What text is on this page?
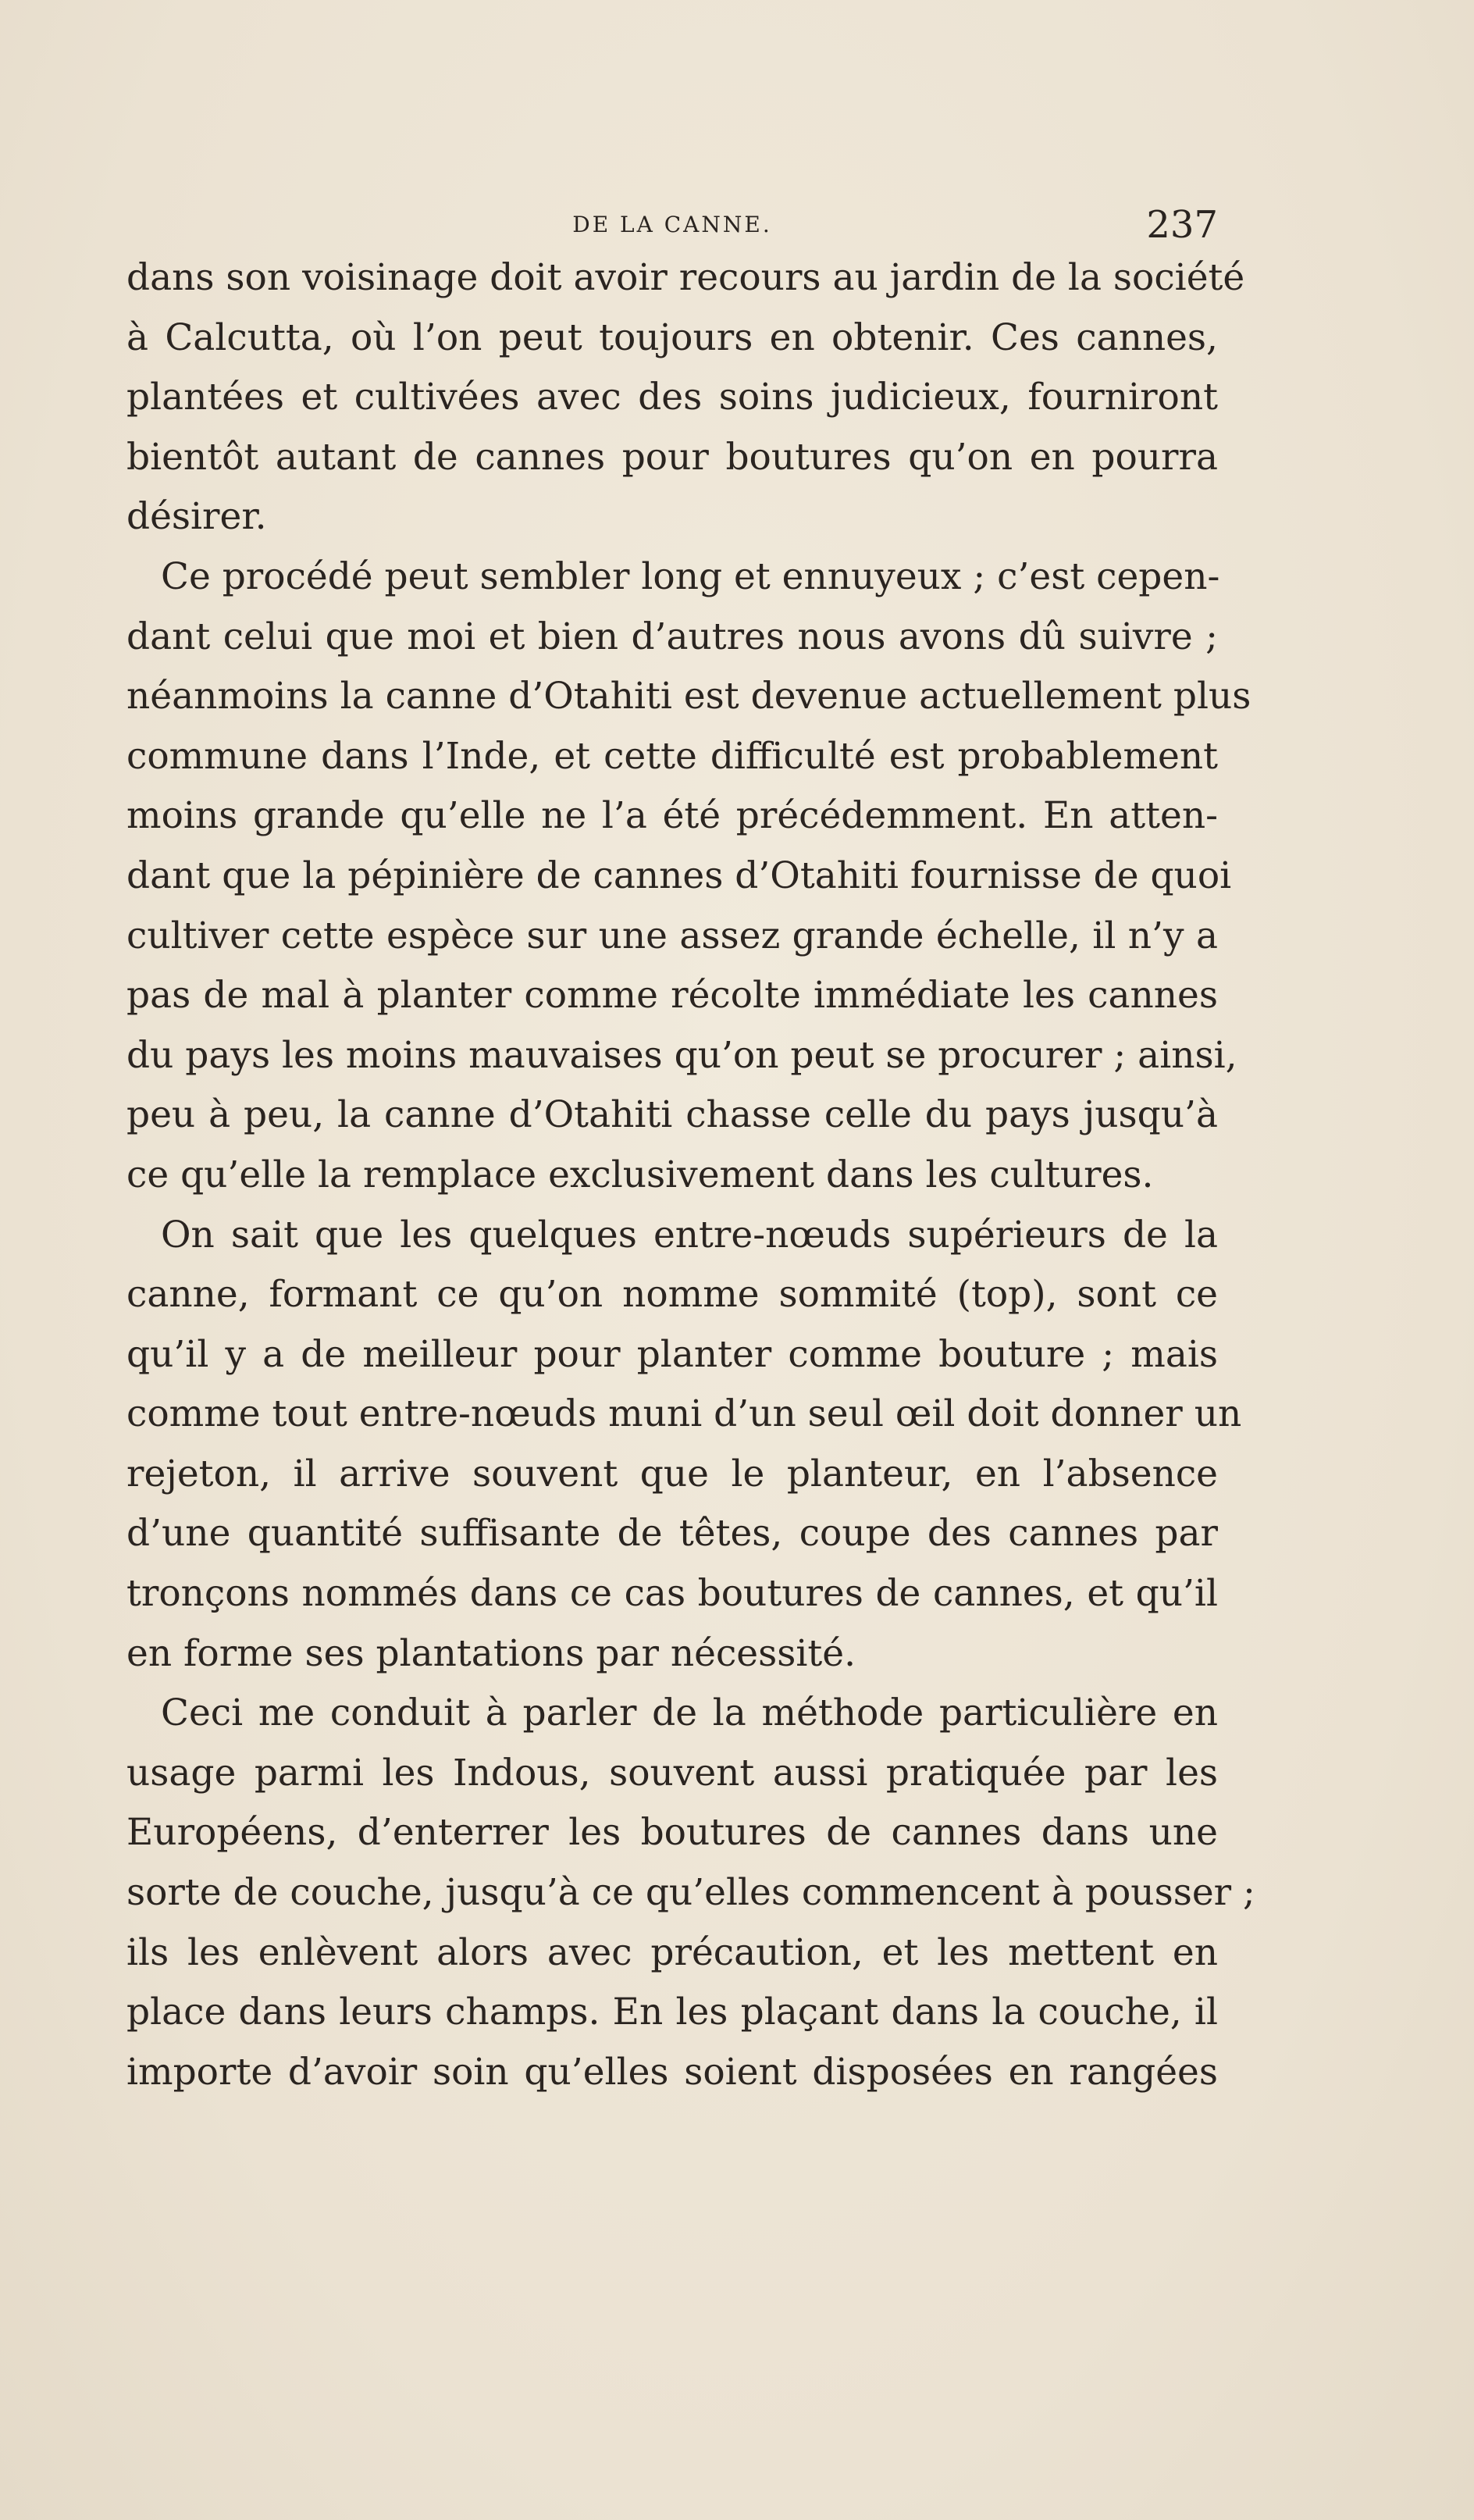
DE LA CANNE.	237
dans son voisinage doit avoir recours au jardin de la société
à Calcutta, où l’on peut toujours en obtenir. Ces cannes,
plantées et cultivées avec des soins judicieux, fourniront
bientôt autant de cannes pour boutures qu’on en pourra
désirer.
Ce procédé peut sembler long et ennuyeux ; c’est cepen-
dant celui que moi et bien d’autres nous avons dû suivre ;
néanmoins la canne d’Otahiti est devenue actuellement plus
commune dans l’Inde, et cette difficulté est probablement
moins grande qu’elle ne l’a été précédemment. En atten-
dant que la pépinière de cannes d’Otahiti fournisse de quoi
cultiver cette espèce sur une assez grande échelle, il n’y a
pas de mal à planter comme récolte immédiate les cannes
du pays les moins mauvaises qu’on peut se procurer ; ainsi,
peu à peu, la canne d’Otahiti chasse celle du pays jusqu’à
ce qu’elle la remplace exclusivement dans les cultures.
On sait que les quelques entre-nœuds supérieurs de la
canne, formant ce qu’on nomme sommité (top), sont ce
qu’il y a de meilleur pour planter comme bouture ; mais
comme tout entre-nœuds muni d’un seul œil doit donner un
rejeton, il arrive souvent que le planteur, en l’absence
d’une quantité suffisante de têtes, coupe des cannes par
tronçons nommés dans ce cas boutures de cannes, et qu’il
en forme ses plantations par nécessité.
Ceci me conduit à parler de la méthode particulière en
usage parmi les Indous, souvent aussi pratiquée par les
Européens, d’enterrer les boutures de cannes dans une
sorte de couche, jusqu’à ce qu’elles commencent à pousser ;
ils les enlèvent alors avec précaution, et les mettent en
place dans leurs champs. En les plaçant dans la couche, il
importe d’avoir soin qu’elles soient disposées en rangées
